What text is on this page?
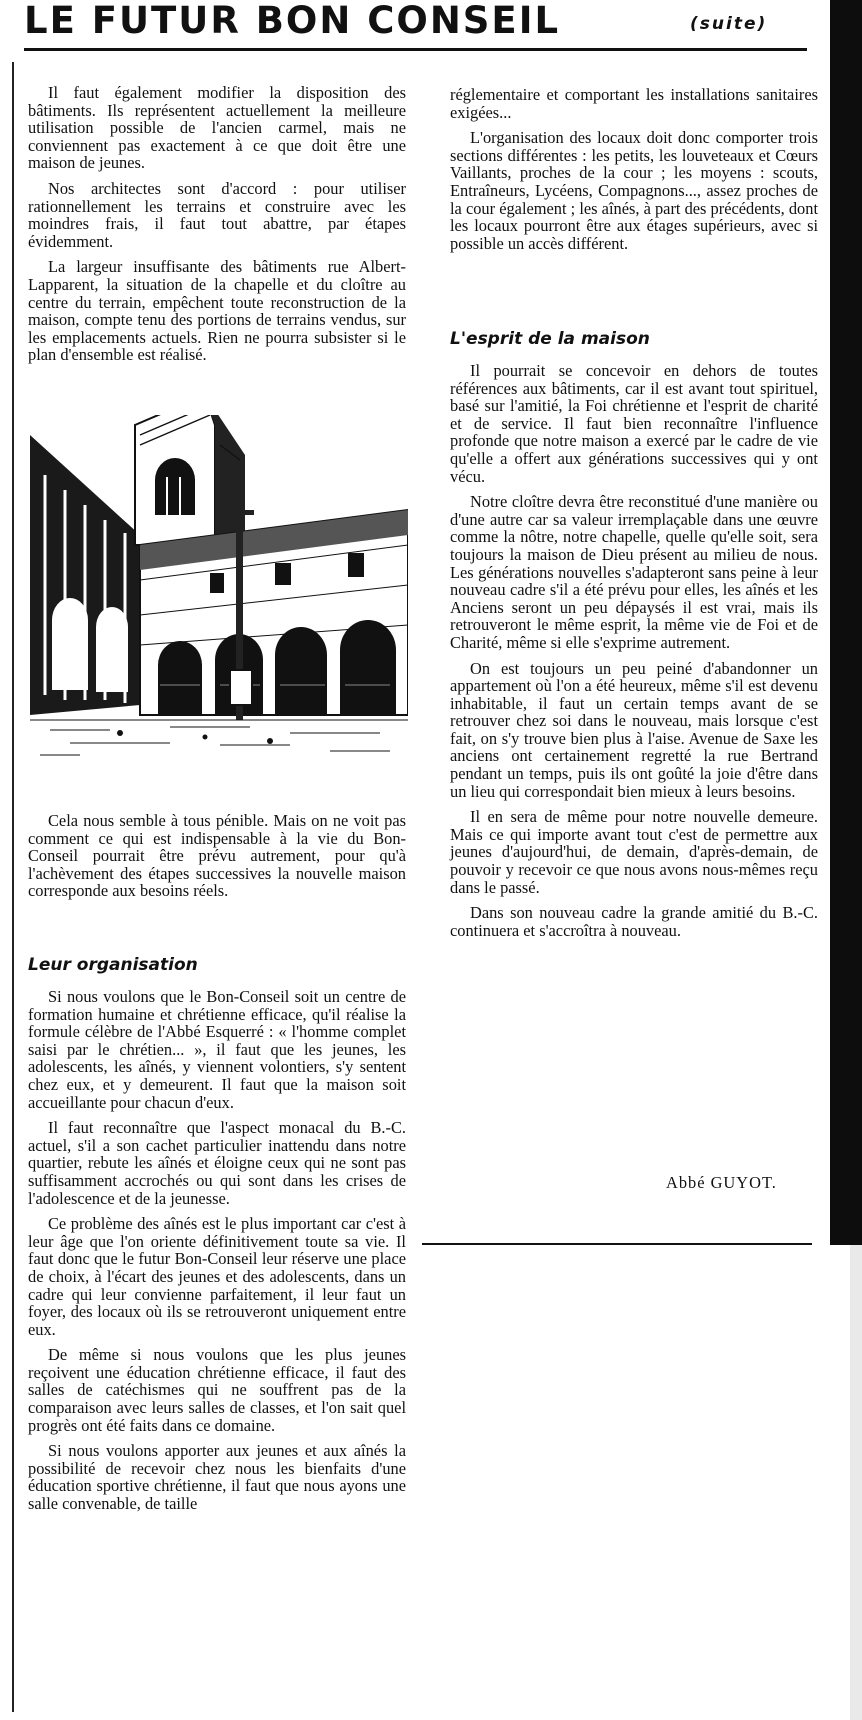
LE FUTUR BON CONSEIL	(suite)

Il faut également modifier la disposition des bâtiments. Ils représentent actuellement la meilleure utilisation possible de l'ancien carmel, mais ne conviennent pas exactement à ce que doit être une maison de jeunes.

Nos architectes sont d'accord : pour utiliser rationnellement les terrains et construire avec les moindres frais, il faut tout abattre, par étapes évidemment.

La largeur insuffisante des bâtiments rue Albert-Lapparent, la situation de la chapelle et du cloître au centre du terrain, empêchent toute reconstruction de la maison, compte tenu des portions de terrains vendus, sur les emplacements actuels. Rien ne pourra subsister si le plan d'ensemble est réalisé.

Cela nous semble à tous pénible. Mais on ne voit pas comment ce qui est indispensable à la vie du Bon-Conseil pourrait être prévu autrement, pour qu'à l'achèvement des étapes successives la nouvelle maison corresponde aux besoins réels.

Leur organisation

Si nous voulons que le Bon-Conseil soit un centre de formation humaine et chrétienne efficace, qu'il réalise la formule célèbre de l'Abbé Esquerré : « l'homme complet saisi par le chrétien... », il faut que les jeunes, les adolescents, les aînés, y viennent volontiers, s'y sentent chez eux, et y demeurent. Il faut que la maison soit accueillante pour chacun d'eux.

Il faut reconnaître que l'aspect monacal du B.-C. actuel, s'il a son cachet particulier inattendu dans notre quartier, rebute les aînés et éloigne ceux qui ne sont pas suffisamment accrochés ou qui sont dans les crises de l'adolescence et de la jeunesse.

Ce problème des aînés est le plus important car c'est à leur âge que l'on oriente définitivement toute sa vie. Il faut donc que le futur Bon-Conseil leur réserve une place de choix, à l'écart des jeunes et des adolescents, dans un cadre qui leur convienne parfaitement, il leur faut un foyer, des locaux où ils se retrouveront uniquement entre eux.

De même si nous voulons que les plus jeunes reçoivent une éducation chrétienne efficace, il faut des salles de catéchismes qui ne souffrent pas de la comparaison avec leurs salles de classes, et l'on sait quel progrès ont été faits dans ce domaine.

Si nous voulons apporter aux jeunes et aux aînés la possibilité de recevoir chez nous les bienfaits d'une éducation sportive chrétienne, il faut que nous ayons une salle convenable, de taille

réglementaire et comportant les installations sanitaires exigées...

L'organisation des locaux doit donc comporter trois sections différentes : les petits, les louveteaux et Cœurs Vaillants, proches de la cour ; les moyens : scouts, Entraîneurs, Lycéens, Compagnons..., assez proches de la cour également ; les aînés, à part des précédents, dont les locaux pourront être aux étages supérieurs, avec si possible un accès différent.

L'esprit de la maison

Il pourrait se concevoir en dehors de toutes références aux bâtiments, car il est avant tout spirituel, basé sur l'amitié, la Foi chrétienne et l'esprit de charité et de service. Il faut bien reconnaître l'influence profonde que notre maison a exercé par le cadre de vie qu'elle a offert aux générations successives qui y ont vécu.

Notre cloître devra être reconstitué d'une manière ou d'une autre car sa valeur irremplaçable dans une œuvre comme la nôtre, notre chapelle, quelle qu'elle soit, sera toujours la maison de Dieu présent au milieu de nous. Les générations nouvelles s'adapteront sans peine à leur nouveau cadre s'il a été prévu pour elles, les aînés et les Anciens seront un peu dépaysés il est vrai, mais ils retrouveront le même esprit, la même vie de Foi et de Charité, même si elle s'exprime autrement.

On est toujours un peu peiné d'abandonner un appartement où l'on a été heureux, même s'il est devenu inhabitable, il faut un certain temps avant de se retrouver chez soi dans le nouveau, mais lorsque c'est fait, on s'y trouve bien plus à l'aise. Avenue de Saxe les anciens ont certainement regretté la rue Bertrand pendant un temps, puis ils ont goûté la joie d'être dans un lieu qui correspondait bien mieux à leurs besoins.

Il en sera de même pour notre nouvelle demeure. Mais ce qui importe avant tout c'est de permettre aux jeunes d'aujourd'hui, de demain, d'après-demain, de pouvoir y recevoir ce que nous avons nous-mêmes reçu dans le passé.

Dans son nouveau cadre la grande amitié du B.-C. continuera et s'accroîtra à nouveau.

Abbé GUYOT.
